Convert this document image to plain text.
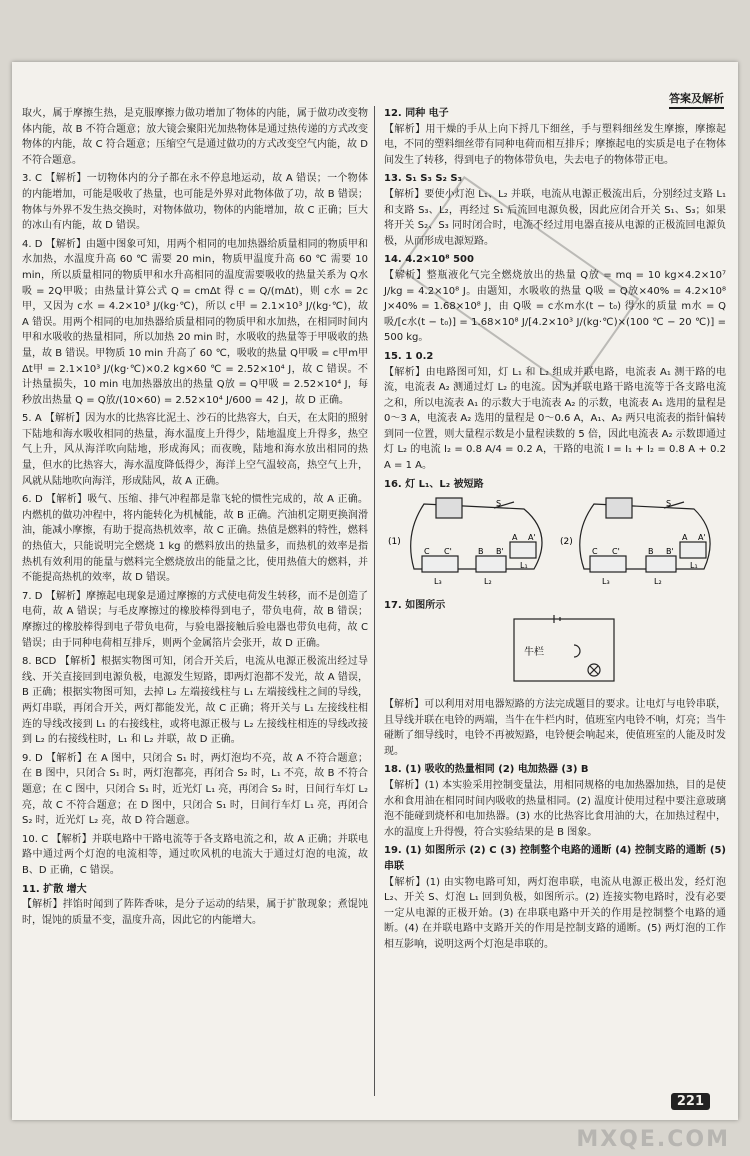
答案及解析

取火，属于摩擦生热，是克服摩擦力做功增加了物体的内能，属于做功改变物体内能，故 B 不符合题意；放大镜会聚阳光加热物体是通过热传递的方式改变物体的内能，故 C 符合题意；压缩空气是通过做功的方式改变空气内能，故 D 不符合题意。

3. C 【解析】一切物体内的分子都在永不停息地运动，故 A 错误；一个物体的内能增加，可能是吸收了热量，也可能是外界对此物体做了功，故 B 错误；物体与外界不发生热交换时，对物体做功，物体的内能增加，故 C 正确；巨大的冰山有内能，故 D 错误。

4. D 【解析】由题中图象可知，用两个相同的电加热器给质量相同的物质甲和水加热，水温度升高 60 ℃ 需要 20 min，物质甲温度升高 60 ℃ 需要 10 min，所以质量相同的物质甲和水升高相同的温度需要吸收的热量关系为 Q水吸 = 2Q甲吸；由热量计算公式 Q = cmΔt 得 c = Q/(mΔt)，则 c水 = 2c甲，又因为 c水 = 4.2×10³ J/(kg·℃)，所以 c甲 = 2.1×10³ J/(kg·℃)，故 A 错误。用两个相同的电加热器给质量相同的物质甲和水加热，在相同时间内甲和水吸收的热量相同，所以加热 20 min 时，水吸收的热量等于甲吸收的热量，故 B 错误。甲物质 10 min 升高了 60 ℃，吸收的热量 Q甲吸 = c甲m甲Δt甲 = 2.1×10³ J/(kg·℃)×0.2 kg×60 ℃ = 2.52×10⁴ J，故 C 错误。不计热量损失，10 min 电加热器放出的热量 Q放 = Q甲吸 = 2.52×10⁴ J，每秒放出热量 Q = Q放/(10×60) = 2.52×10⁴ J/600 = 42 J，故 D 正确。

5. A 【解析】因为水的比热容比泥土、沙石的比热容大，白天，在太阳的照射下陆地和海水吸收相同的热量，海水温度上升得少，陆地温度上升得多，热空气上升，风从海洋吹向陆地，形成海风；而夜晚，陆地和海水放出相同的热量，但水的比热容大，海水温度降低得少，海洋上空气温较高，热空气上升，风就从陆地吹向海洋，形成陆风，故 A 正确。

6. D 【解析】吸气、压缩、排气冲程都是靠飞轮的惯性完成的，故 A 正确。内燃机的做功冲程中，将内能转化为机械能，故 B 正确。汽油机定期更换润滑油，能减小摩擦，有助于提高热机效率，故 C 正确。热值是燃料的特性，燃料的热值大，只能说明完全燃烧 1 kg 的燃料放出的热量多，而热机的效率是指热机有效利用的能量与燃料完全燃烧放出的能量之比，使用热值大的燃料，并不能提高热机的效率，故 D 错误。

7. D 【解析】摩擦起电现象是通过摩擦的方式使电荷发生转移，而不是创造了电荷，故 A 错误；与毛皮摩擦过的橡胶棒得到电子，带负电荷，故 B 错误；摩擦过的橡胶棒得到电子带负电荷，与验电器接触后验电器也带负电荷，故 C 错误；由于同种电荷相互排斥，则两个金属箔片会张开，故 D 正确。

8. BCD 【解析】根据实物图可知，闭合开关后，电流从电源正极流出经过导线、开关直接回到电源负极，电源发生短路，即两灯泡都不发光，故 A 错误，B 正确；根据实物图可知，去掉 L₂ 左端接线柱与 L₁ 左端接线柱之间的导线，两灯串联，再闭合开关，两灯都能发光，故 C 正确；将开关与 L₁ 左接线柱相连的导线改接到 L₁ 的右接线柱，或将电源正极与 L₂ 左接线柱相连的导线改接到 L₂ 的右接线柱时，L₁ 和 L₂ 并联，故 D 正确。

9. D 【解析】在 A 图中，只闭合 S₁ 时，两灯泡均不亮，故 A 不符合题意；在 B 图中，只闭合 S₁ 时，两灯泡都亮，再闭合 S₂ 时，L₁ 不亮，故 B 不符合题意；在 C 图中，只闭合 S₁ 时，近光灯 L₁ 亮，再闭合 S₂ 时，日间行车灯 L₂ 亮，故 C 不符合题意；在 D 图中，只闭合 S₁ 时，日间行车灯 L₁ 亮，再闭合 S₂ 时，近光灯 L₂ 亮，故 D 符合题意。

10. C 【解析】并联电路中干路电流等于各支路电流之和，故 A 正确；并联电路中通过两个灯泡的电流相等，通过吹风机的电流大于通过灯泡的电流，故 B、D 正确，C 错误。

11. 扩散 增大

【解析】拌馅时闻到了阵阵香味，是分子运动的结果，属于扩散现象；煮馄饨时，馄饨的质量不变，温度升高，因此它的内能增大。

12. 同种 电子

【解析】用干燥的手从上向下捋几下细丝，手与塑料细丝发生摩擦，摩擦起电，不同的塑料细丝带有同种电荷而相互排斥；摩擦起电的实质是电子在物体间发生了转移，得到电子的物体带负电，失去电子的物体带正电。

13. S₁ S₃ S₂ S₃

【解析】要使小灯泡 L₁、L₂ 并联，电流从电源正极流出后，分别经过支路 L₁ 和支路 S₃、L₂，再经过 S₁ 后流回电源负极，因此应闭合开关 S₁、S₃；如果将开关 S₂、S₃ 同时闭合时，电流不经过用电器直接从电源的正极流回电源负极，从而形成电源短路。

14. 4.2×10⁸ 500

【解析】整瓶液化气完全燃烧放出的热量 Q放 = mq = 10 kg×4.2×10⁷ J/kg = 4.2×10⁸ J。由题知，水吸收的热量 Q吸 = Q放×40% = 4.2×10⁸ J×40% = 1.68×10⁸ J，由 Q吸 = c水m水(t − t₀) 得水的质量 m水 = Q吸/[c水(t − t₀)] = 1.68×10⁸ J/[4.2×10³ J/(kg·℃)×(100 ℃ − 20 ℃)] = 500 kg。

15. 1 0.2

【解析】由电路图可知，灯 L₁ 和 L₂ 组成并联电路，电流表 A₁ 测干路的电流，电流表 A₂ 测通过灯 L₂ 的电流。因为并联电路干路电流等于各支路电流之和，所以电流表 A₁ 的示数大于电流表 A₂ 的示数，电流表 A₁ 选用的量程是 0～3 A，电流表 A₂ 选用的量程是 0～0.6 A，A₁、A₂ 两只电流表的指针偏转到同一位置，则大量程示数是小量程读数的 5 倍，因此电流表 A₂ 示数即通过灯 L₂ 的电流 I₂ = 0.8 A/4 = 0.2 A，干路的电流 I = I₁ + I₂ = 0.8 A + 0.2 A = 1 A。

16. 灯 L₁、L₂ 被短路

(1)	(2)
S	S
C C'	B B'
A A'
L₃	L₂
L₁
C C'	B B'
A A'
L₃	L₂
L₁

17. 如图所示

牛栏

【解析】可以利用对用电器短路的方法完成题目的要求。让电灯与电铃串联，且导线并联在电铃的两端，当牛在牛栏内时，值班室内电铃不响，灯亮；当牛碰断了细导线时，电铃不再被短路，电铃便会响起来，使值班室的人能及时发现。

18. (1) 吸收的热量相同 (2) 电加热器 (3) B

【解析】(1) 本实验采用控制变量法，用相同规格的电加热器加热，目的是使水和食用油在相同时间内吸收的热量相同。(2) 温度计使用过程中要注意玻璃泡不能碰到烧杯和电加热器。(3) 水的比热容比食用油的大，在加热过程中，水的温度上升得慢，符合实验结果的是 B 图象。

19. (1) 如图所示 (2) C (3) 控制整个电路的通断 (4) 控制支路的通断 (5) 串联

【解析】(1) 由实物电路可知，两灯泡串联，电流从电源正极出发，经灯泡 L₂、开关 S、灯泡 L₁ 回到负极，如图所示。(2) 连接实物电路时，没有必要一定从电源的正极开始。(3) 在串联电路中开关的作用是控制整个电路的通断。(4) 在并联电路中支路开关的作用是控制支路的通断。(5) 两灯泡的工作相互影响，说明这两个灯泡是串联的。

221
MXQE.COM
